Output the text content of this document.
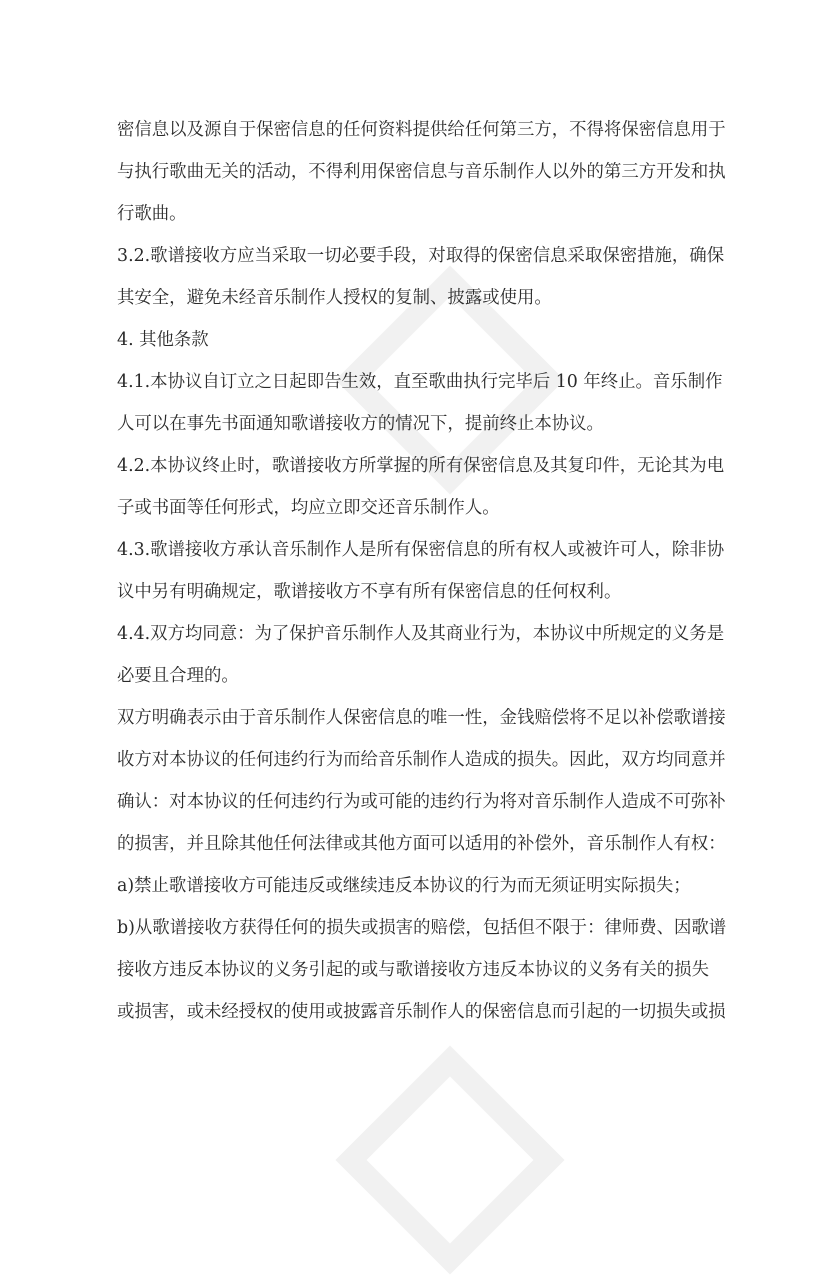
密信息以及源自于保密信息的任何资料提供给任何第三方，不得将保密信息用于
与执行歌曲无关的活动，不得利用保密信息与音乐制作人以外的第三方开发和执
行歌曲。
3.2.歌谱接收方应当采取一切必要手段，对取得的保密信息采取保密措施，确保
其安全，避免未经音乐制作人授权的复制、披露或使用。
4. 其他条款
4.1.本协议自订立之日起即告生效，直至歌曲执行完毕后 10 年终止。音乐制作
人可以在事先书面通知歌谱接收方的情况下，提前终止本协议。
4.2.本协议终止时，歌谱接收方所掌握的所有保密信息及其复印件，无论其为电
子或书面等任何形式，均应立即交还音乐制作人。
4.3.歌谱接收方承认音乐制作人是所有保密信息的所有权人或被许可人，除非协
议中另有明确规定，歌谱接收方不享有所有保密信息的任何权利。
4.4.双方均同意：为了保护音乐制作人及其商业行为，本协议中所规定的义务是
必要且合理的。
双方明确表示由于音乐制作人保密信息的唯一性，金钱赔偿将不足以补偿歌谱接
收方对本协议的任何违约行为而给音乐制作人造成的损失。因此，双方均同意并
确认：对本协议的任何违约行为或可能的违约行为将对音乐制作人造成不可弥补
的损害，并且除其他任何法律或其他方面可以适用的补偿外，音乐制作人有权：
a)禁止歌谱接收方可能违反或继续违反本协议的行为而无须证明实际损失；
b)从歌谱接收方获得任何的损失或损害的赔偿，包括但不限于：律师费、因歌谱
接收方违反本协议的义务引起的或与歌谱接收方违反本协议的义务有关的损失
或损害，或未经授权的使用或披露音乐制作人的保密信息而引起的一切损失或损
